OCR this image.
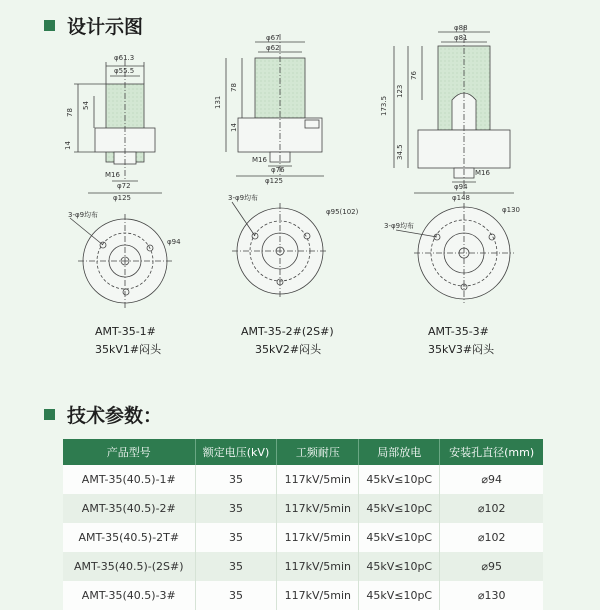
设计示图
φ61.3
φ55.5
78
54
14
M16
φ72
φ125
3-φ9均布
φ94
φ67
φ62
131
78
14
M16
φ76
φ125
3-φ9均布
φ95(102)
φ88
φ81
173.5
123
76
34.5
M16
φ94
φ148
3-φ9均布
φ130
AMT-35-1#
35kV1#闷头
AMT-35-2#(2S#)
35kV2#闷头
AMT-35-3#
35kV3#闷头
技术参数：
产品型号	额定电压(kV)	工频耐压	局部放电	安装孔直径(mm)
AMT-35(40.5)-1#	35	117kV/5min	45kV≤10pC	⌀94
AMT-35(40.5)-2#	35	117kV/5min	45kV≤10pC	⌀102
AMT-35(40.5)-2T#	35	117kV/5min	45kV≤10pC	⌀102
AMT-35(40.5)-(2S#)	35	117kV/5min	45kV≤10pC	⌀95
AMT-35(40.5)-3#	35	117kV/5min	45kV≤10pC	⌀130
